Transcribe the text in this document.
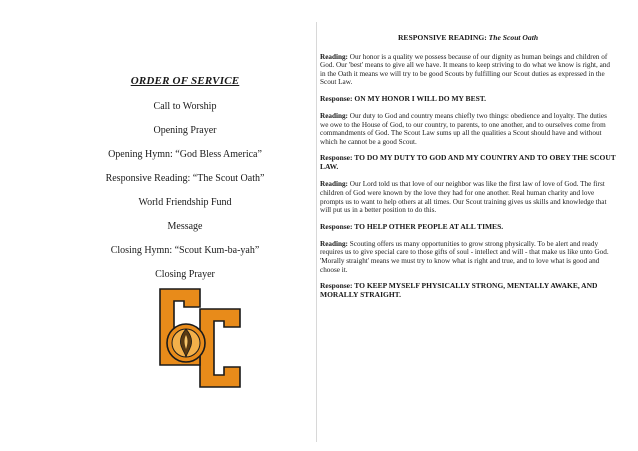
ORDER OF SERVICE
Call to Worship
Opening Prayer
Opening Hymn: “God Bless America”
Responsive Reading: “The Scout Oath”
World Friendship Fund
Message
Closing Hymn: “Scout Kum-ba-yah”
Closing Prayer
RESPONSIVE READING: The Scout Oath
Reading: Our honor is a quality we possess because of our dignity as human beings and children of God. Our 'best' means to give all we have. It means to keep striving to do what we know is right, and in the Oath it means we will try to be good Scouts by fulfilling our Scout duties as expressed in the Scout Law.
Response: ON MY HONOR I WILL DO MY BEST.
Reading: Our duty to God and country means chiefly two things: obedience and loyalty. The duties we owe to the House of God, to our country, to parents, to one another, and to ourselves come from commandments of God. The Scout Law sums up all the qualities a Scout should have and without which he cannot be a good Scout.
Response: TO DO MY DUTY TO GOD AND MY COUNTRY AND TO OBEY THE SCOUT LAW.
Reading: Our Lord told us that love of our neighbor was like the first law of love of God. The first children of God were known by the love they had for one another. Real human charity and love prompts us to want to help others at all times. Our Scout training gives us skills and knowledge that will put us in a better position to do this.
Response: TO HELP OTHER PEOPLE AT ALL TIMES.
Reading: Scouting offers us many opportunities to grow strong physically. To be alert and ready requires us to give special care to those gifts of soul - intellect and will - that make us like unto God. 'Morally straight' means we must try to know what is right and true, and to love what is good and choose it.
Response: TO KEEP MYSELF PHYSICALLY STRONG, MENTALLY AWAKE, AND MORALLY STRAIGHT.
